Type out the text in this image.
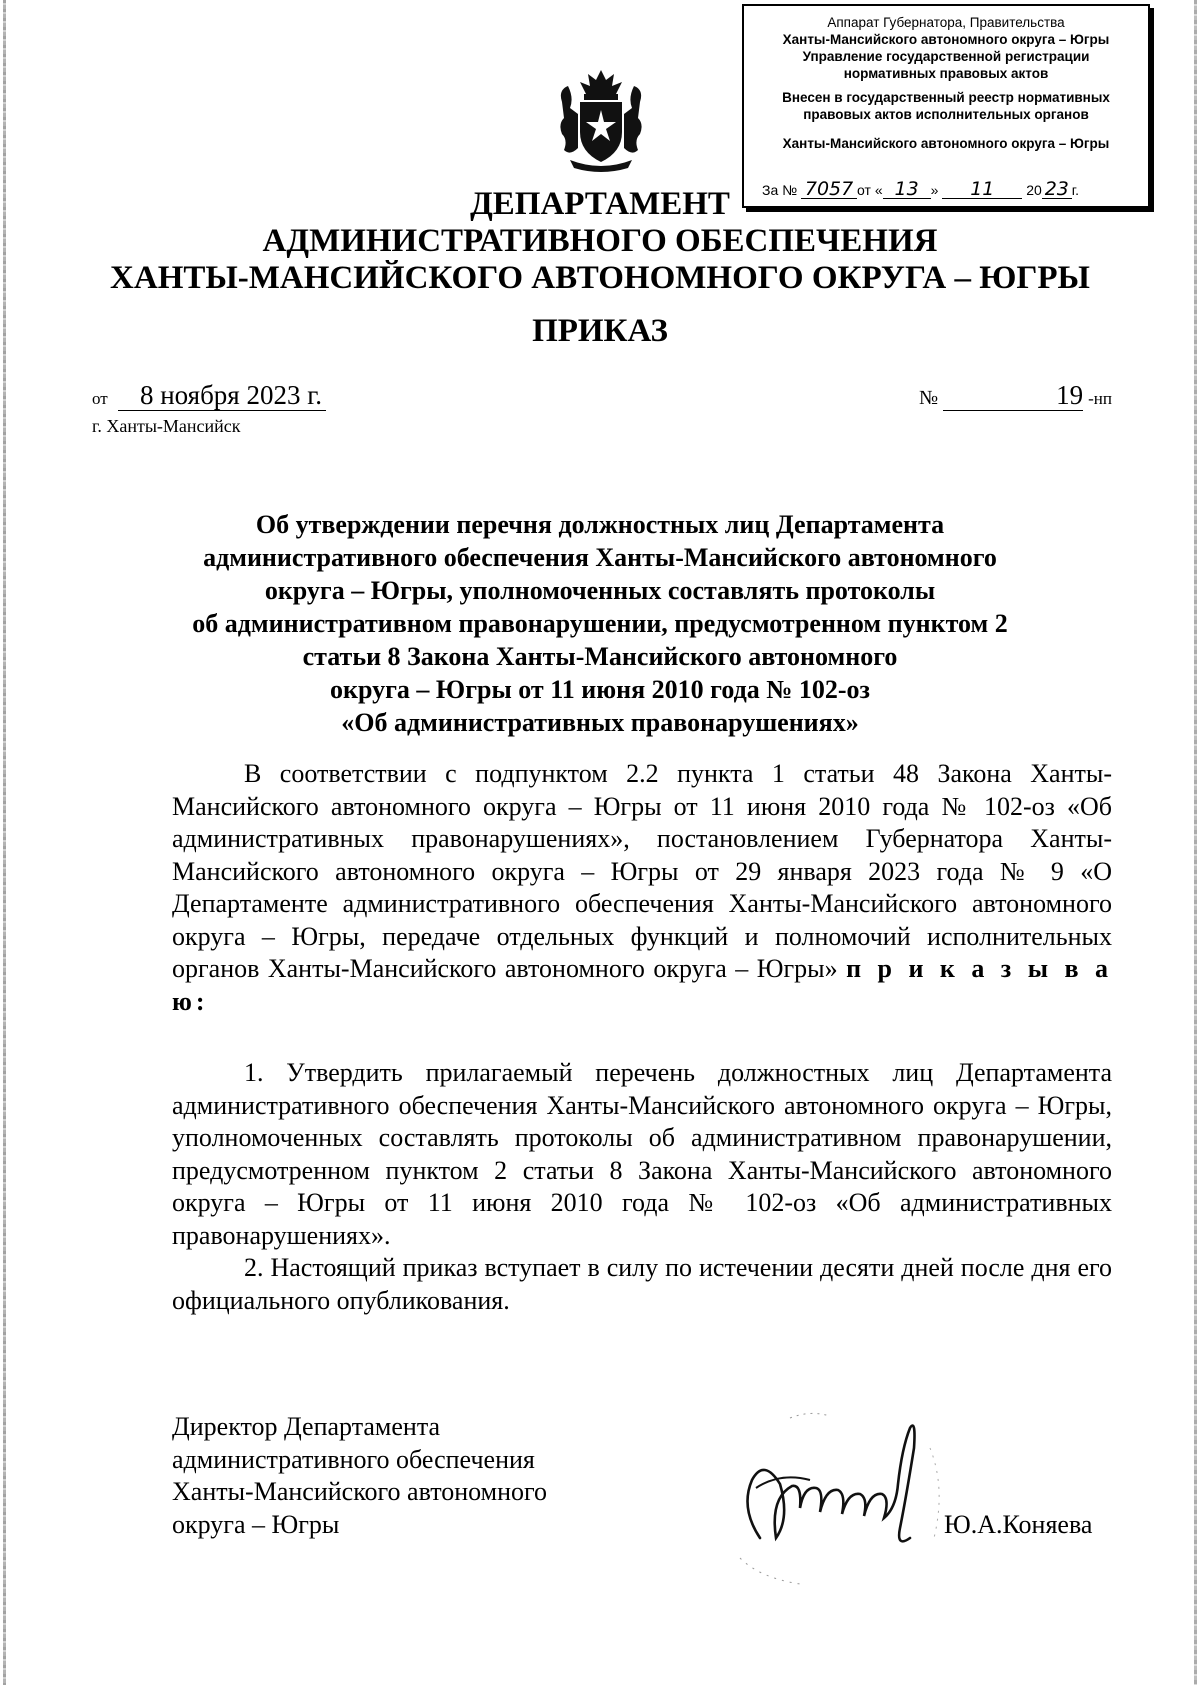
Аппарат Губернатора, Правительства
Ханты-Мансийского автономного округа – Югры
Управление государственной регистрации
нормативных правовых актов
Внесен в государственный реестр нормативных
правовых актов исполнительных органов
Ханты-Мансийского автономного округа – Югры
За № 7057 от « 13 » 11 20 23 г.
ДЕПАРТАМЕНТ
АДМИНИСТРАТИВНОГО ОБЕСПЕЧЕНИЯ
ХАНТЫ-МАНСИЙСКОГО АВТОНОМНОГО ОКРУГА – ЮГРЫ
ПРИКАЗ
от 8 ноября 2023 г.
г. Ханты-Мансийск
№	19 -нп
Об утверждении перечня должностных лиц Департамента
административного обеспечения Ханты-Мансийского автономного
округа – Югры, уполномоченных составлять протоколы
об административном правонарушении, предусмотренном пунктом 2
статьи 8 Закона Ханты-Мансийского автономного
округа – Югры от 11 июня 2010 года № 102-оз
«Об административных правонарушениях»

В соответствии с подпунктом 2.2 пункта 1 статьи 48 Закона Ханты-Мансийского автономного округа – Югры от 11 июня 2010 года № 102-оз «Об административных правонарушениях», постановлением Губернатора Ханты-Мансийского автономного округа – Югры от 29 января 2023 года № 9 «О Департаменте административного обеспечения Ханты-Мансийского автономного округа – Югры, передаче отдельных функций и полномочий исполнительных органов Ханты-Мансийского автономного округа – Югры» п р и к а з ы в а ю:

1. Утвердить прилагаемый перечень должностных лиц Департамента административного обеспечения Ханты-Мансийского автономного округа – Югры, уполномоченных составлять протоколы об административном правонарушении, предусмотренном пунктом 2 статьи 8 Закона Ханты-Мансийского автономного округа – Югры от 11 июня 2010 года № 102-оз «Об административных правонарушениях».

2. Настоящий приказ вступает в силу по истечении десяти дней после дня его официального опубликования.

Директор Департамента
административного обеспечения
Ханты-Мансийского автономного
округа – Югры	Ю.А.Коняева
